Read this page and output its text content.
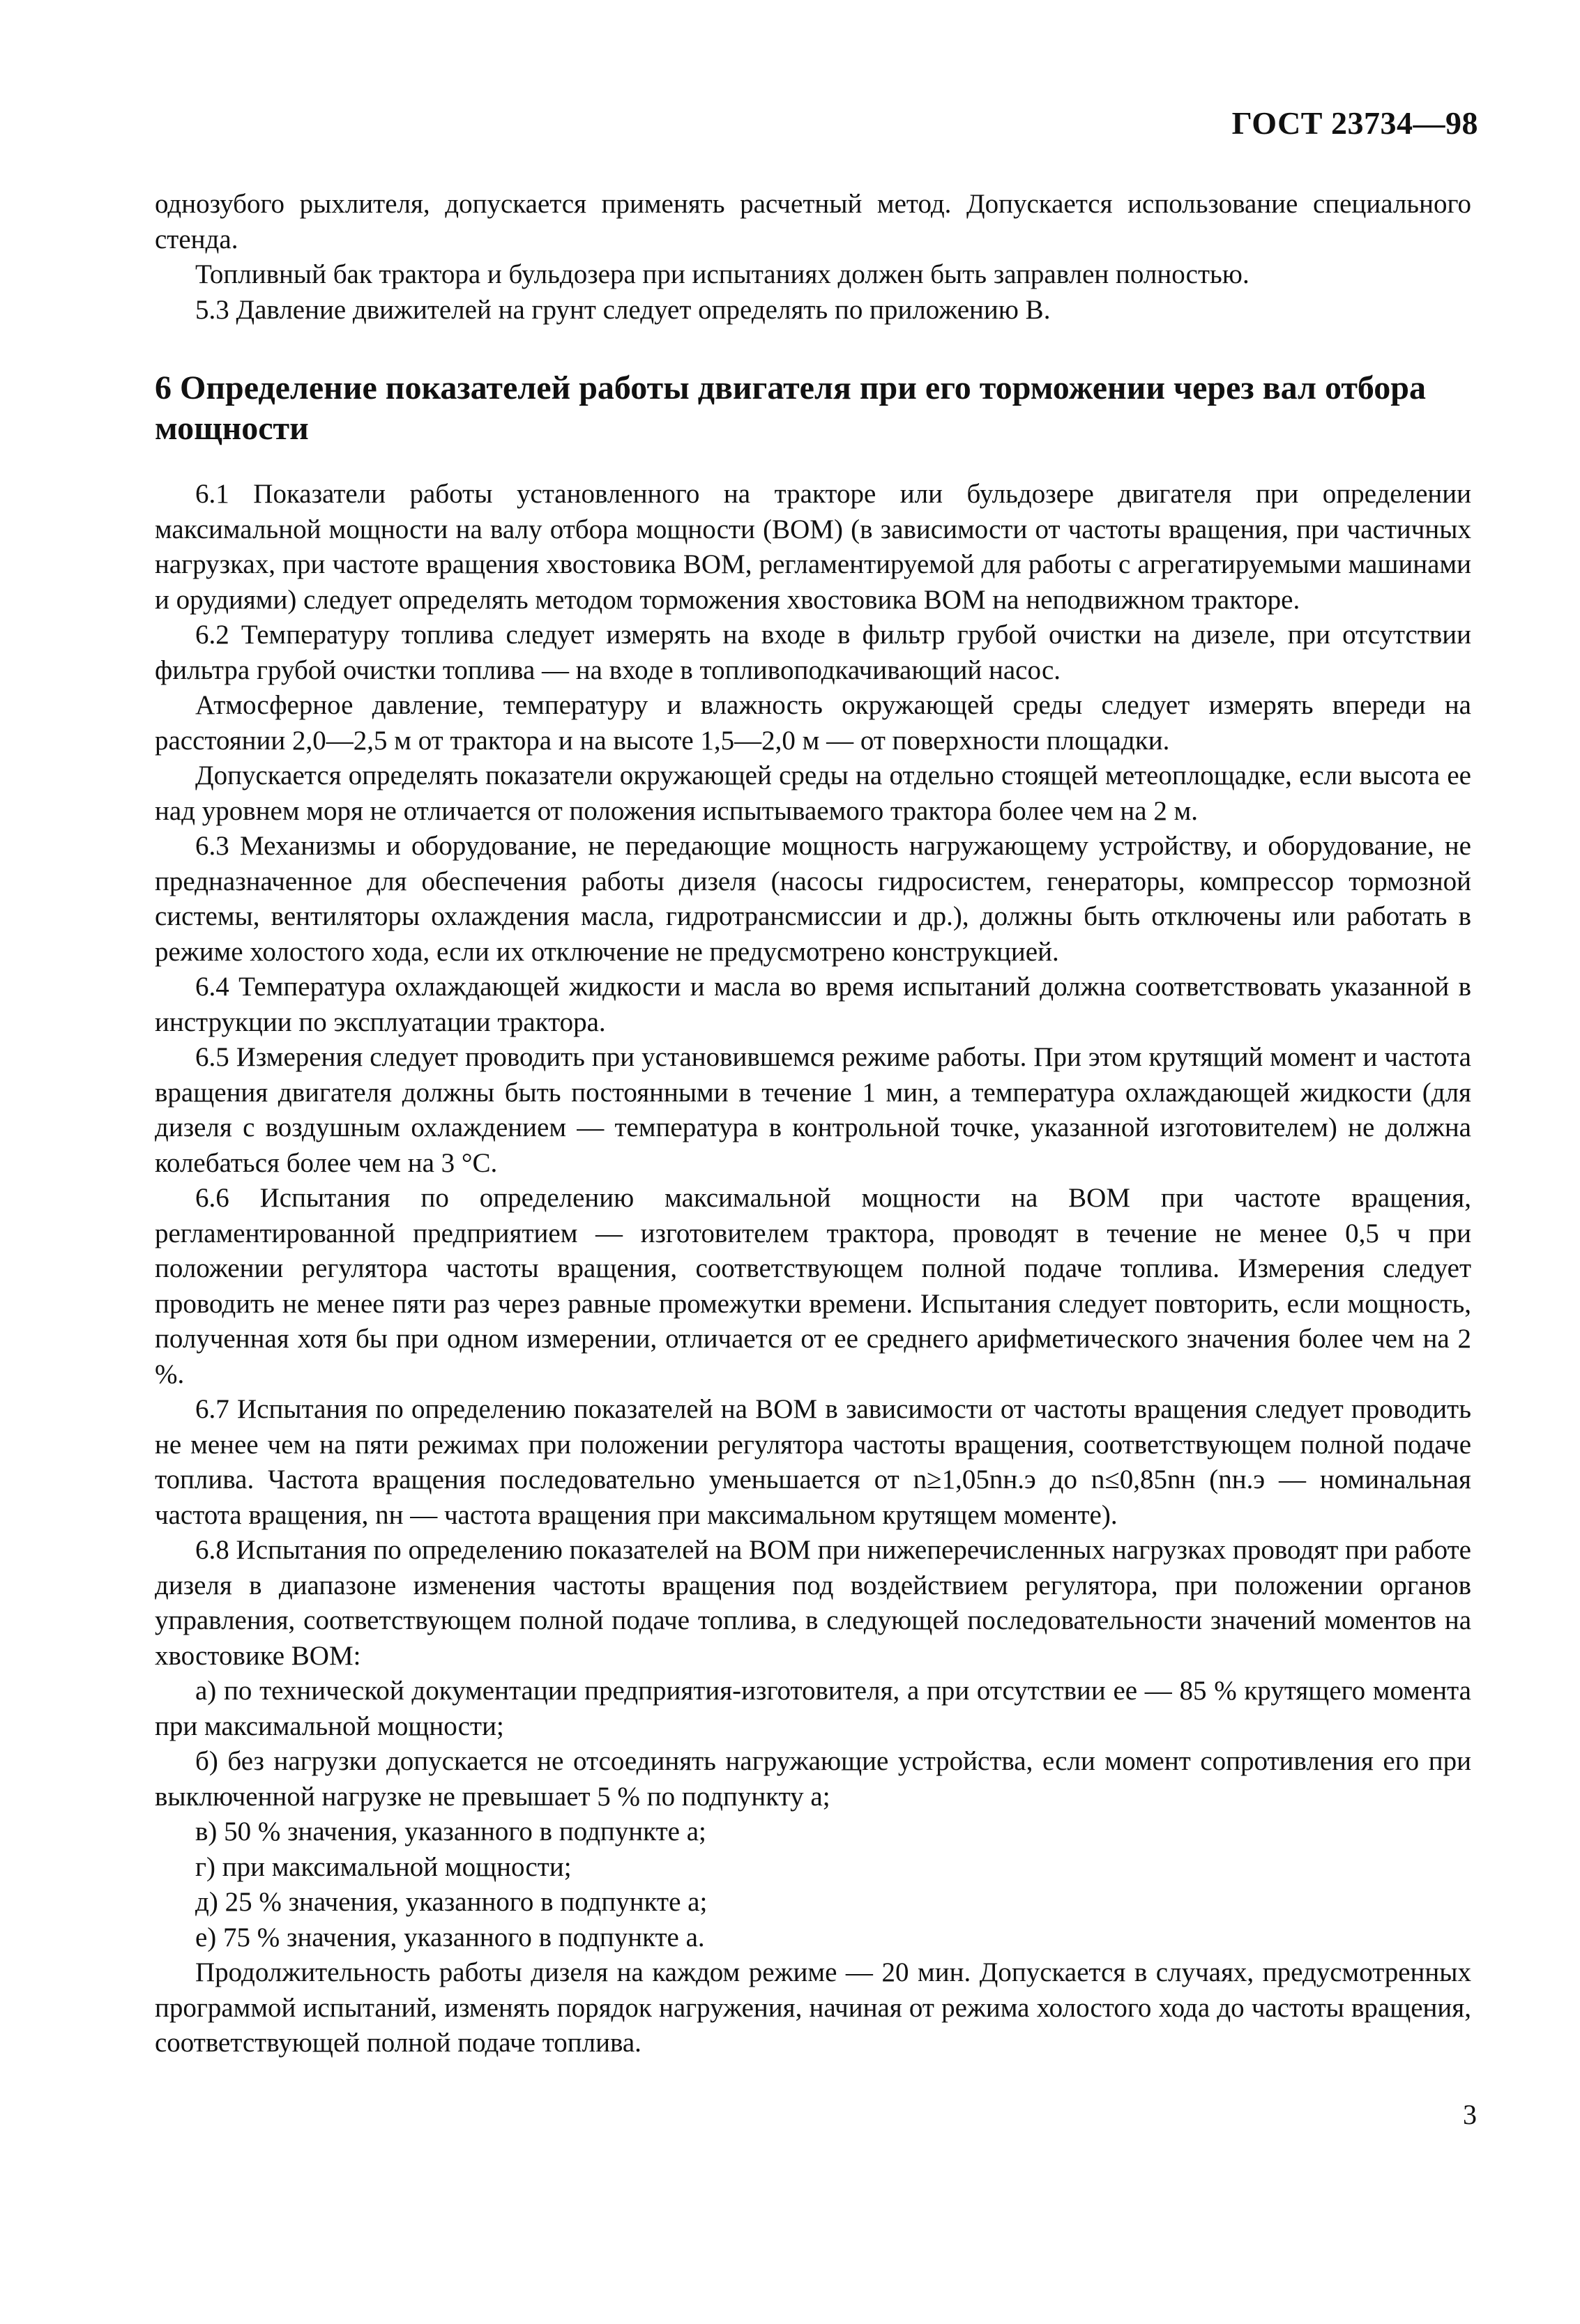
ГОСТ 23734—98

однозубого рыхлителя, допускается применять расчетный метод. Допускается использование специального стенда.

Топливный бак трактора и бульдозера при испытаниях должен быть заправлен полностью.

5.3 Давление движителей на грунт следует определять по приложению В.

6 Определение показателей работы двигателя при его торможении через вал отбора мощности

6.1 Показатели работы установленного на тракторе или бульдозере двигателя при определении максимальной мощности на валу отбора мощности (ВОМ) (в зависимости от частоты вращения, при частичных нагрузках, при частоте вращения хвостовика ВОМ, регламентируемой для работы с агрегатируемыми машинами и орудиями) следует определять методом торможения хвостовика ВОМ на неподвижном тракторе.

6.2 Температуру топлива следует измерять на входе в фильтр грубой очистки на дизеле, при отсутствии фильтра грубой очистки топлива — на входе в топливоподкачивающий насос.

Атмосферное давление, температуру и влажность окружающей среды следует измерять впереди на расстоянии 2,0—2,5 м от трактора и на высоте 1,5—2,0 м — от поверхности площадки.

Допускается определять показатели окружающей среды на отдельно стоящей метеоплощадке, если высота ее над уровнем моря не отличается от положения испытываемого трактора более чем на 2 м.

6.3 Механизмы и оборудование, не передающие мощность нагружающему устройству, и оборудование, не предназначенное для обеспечения работы дизеля (насосы гидросистем, генераторы, компрессор тормозной системы, вентиляторы охлаждения масла, гидротрансмиссии и др.), должны быть отключены или работать в режиме холостого хода, если их отключение не предусмотрено конструкцией.

6.4 Температура охлаждающей жидкости и масла во время испытаний должна соответствовать указанной в инструкции по эксплуатации трактора.

6.5 Измерения следует проводить при установившемся режиме работы. При этом крутящий момент и частота вращения двигателя должны быть постоянными в течение 1 мин, а температура охлаждающей жидкости (для дизеля с воздушным охлаждением — температура в контрольной точке, указанной изготовителем) не должна колебаться более чем на 3 °С.

6.6 Испытания по определению максимальной мощности на ВОМ при частоте вращения, регламентированной предприятием — изготовителем трактора, проводят в течение не менее 0,5 ч при положении регулятора частоты вращения, соответствующем полной подаче топлива. Измерения следует проводить не менее пяти раз через равные промежутки времени. Испытания следует повторить, если мощность, полученная хотя бы при одном измерении, отличается от ее среднего арифметического значения более чем на 2 %.

6.7 Испытания по определению показателей на ВОМ в зависимости от частоты вращения следует проводить не менее чем на пяти режимах при положении регулятора частоты вращения, соответствующем полной подаче топлива. Частота вращения последовательно уменьшается от n≥1,05nн.э до n≤0,85nн (nн.э — номинальная частота вращения, nн — частота вращения при максимальном крутящем моменте).

6.8 Испытания по определению показателей на ВОМ при нижеперечисленных нагрузках проводят при работе дизеля в диапазоне изменения частоты вращения под воздействием регулятора, при положении органов управления, соответствующем полной подаче топлива, в следующей последовательности значений моментов на хвостовике ВОМ:

а) по технической документации предприятия-изготовителя, а при отсутствии ее — 85 % крутящего момента при максимальной мощности;

б) без нагрузки допускается не отсоединять нагружающие устройства, если момент сопротивления его при выключенной нагрузке не превышает 5 % по подпункту а;

в) 50 % значения, указанного в подпункте а;

г) при максимальной мощности;

д) 25 % значения, указанного в подпункте а;

е) 75 % значения, указанного в подпункте а.

Продолжительность работы дизеля на каждом режиме — 20 мин. Допускается в случаях, предусмотренных программой испытаний, изменять порядок нагружения, начиная от режима холостого хода до частоты вращения, соответствующей полной подаче топлива.

3
